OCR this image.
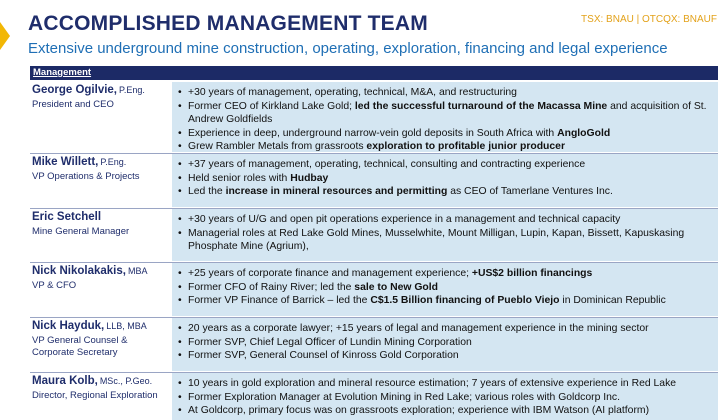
ACCOMPLISHED MANAGEMENT TEAM	TSX: BNAU | OTCQX: BNAUF
Extensive underground mine construction, operating, exploration, financing and legal experience
Management
George Ogilvie, P.Eng.
President and CEO
• +30 years of management, operating, technical, M&A, and restructuring
• Former CEO of Kirkland Lake Gold; led the successful turnaround of the Macassa Mine and acquisition of St. Andrew Goldfields
• Experience in deep, underground narrow-vein gold deposits in South Africa with AngloGold
• Grew Rambler Metals from grassroots exploration to profitable junior producer
Mike Willett, P.Eng.
VP Operations & Projects
• +37 years of management, operating, technical, consulting and contracting experience
• Held senior roles with Hudbay
• Led the increase in mineral resources and permitting as CEO of Tamerlane Ventures Inc.
Eric Setchell
Mine General Manager
• +30 years of U/G and open pit operations experience in a management and technical capacity
• Managerial roles at Red Lake Gold Mines, Musselwhite, Mount Milligan, Lupin, Kapan, Bissett, Kapuskasing Phosphate Mine (Agrium),
Nick Nikolakakis, MBA
VP & CFO
• +25 years of corporate finance and management experience; +US$2 billion financings
• Former CFO of Rainy River; led the sale to New Gold
• Former VP Finance of Barrick – led the C$1.5 Billion financing of Pueblo Viejo in Dominican Republic
Nick Hayduk, LLB, MBA
VP General Counsel & Corporate Secretary
• 20 years as a corporate lawyer; +15 years of legal and management experience in the mining sector
• Former SVP, Chief Legal Officer of Lundin Mining Corporation
• Former SVP, General Counsel of Kinross Gold Corporation
Maura Kolb, MSc., P.Geo.
Director, Regional Exploration
• 10 years in gold exploration and mineral resource estimation; 7 years of extensive experience in Red Lake
• Former Exploration Manager at Evolution Mining in Red Lake; various roles with Goldcorp Inc.
• At Goldcorp, primary focus was on grassroots exploration; experience with IBM Watson (AI platform)
